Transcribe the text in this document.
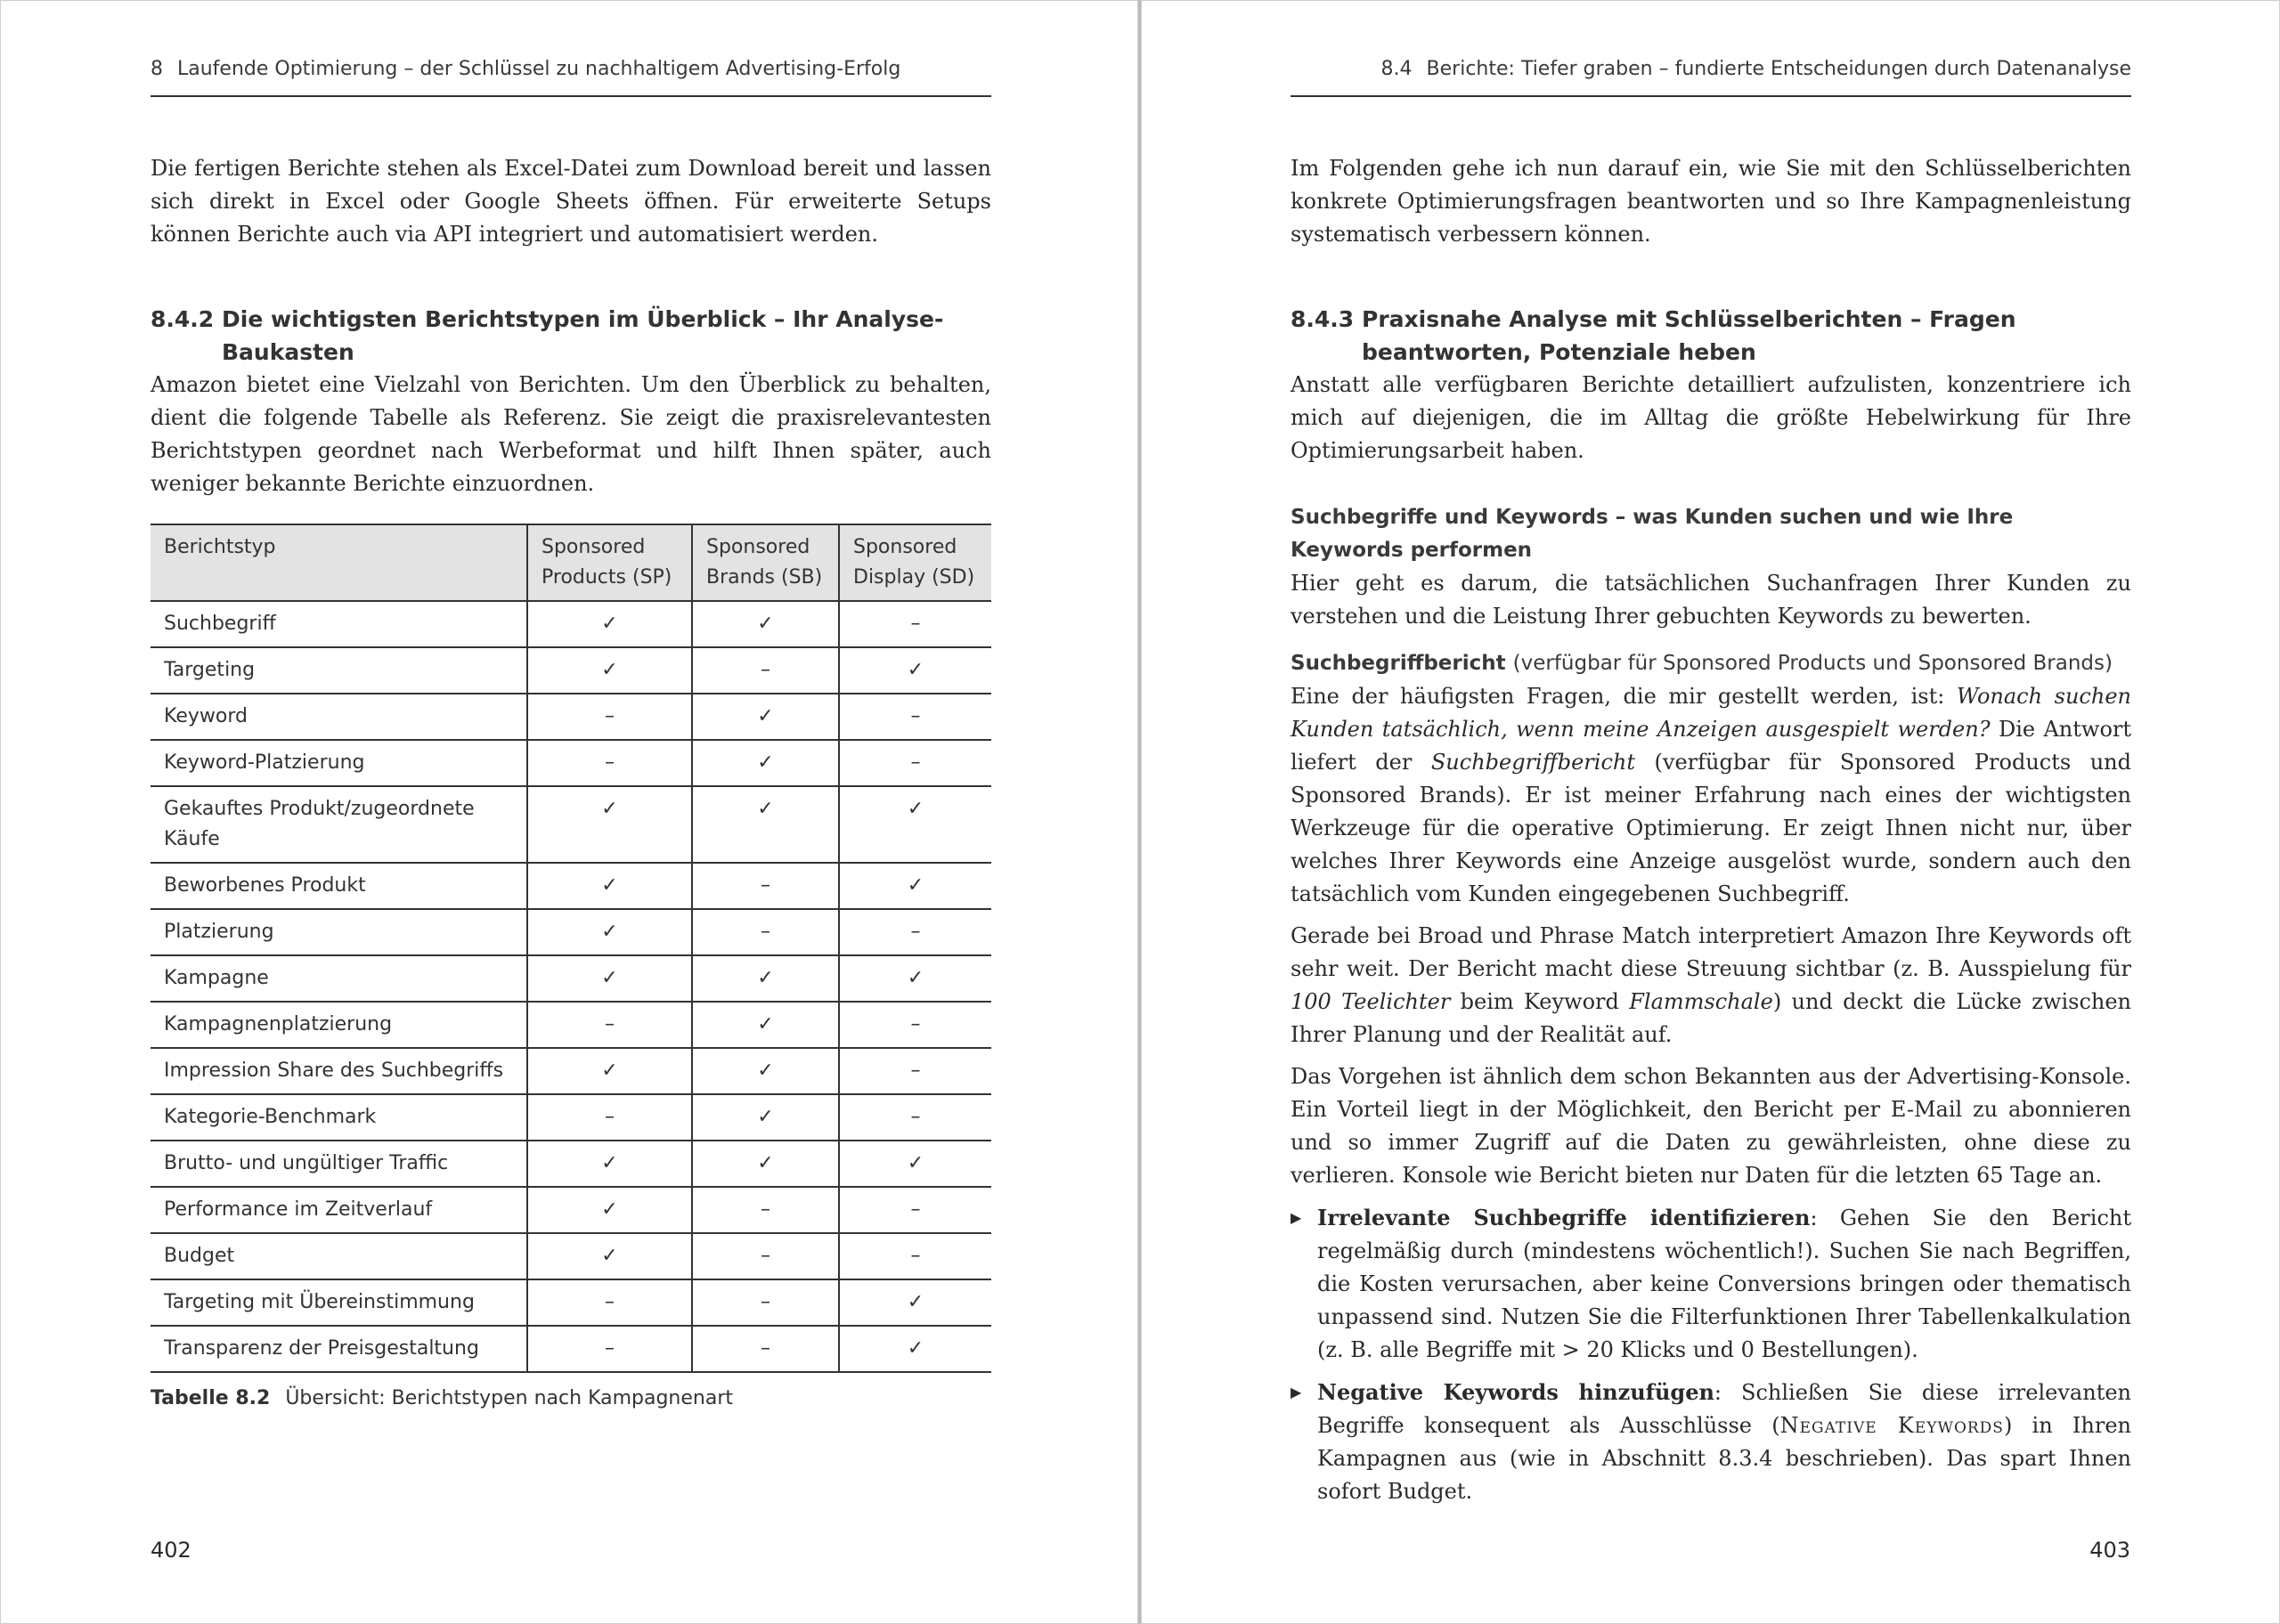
8 Laufende Optimierung – der Schlüssel zu nachhaltigem Advertising-Erfolg

Die fertigen Berichte stehen als Excel-Datei zum Download bereit und lassen sich direkt in Excel oder Google Sheets öffnen. Für erweiterte Setups können Berichte auch via API integriert und automatisiert werden.

8.4.2 Die wichtigsten Berichtstypen im Überblick – Ihr Analyse-Baukasten

Amazon bietet eine Vielzahl von Berichten. Um den Überblick zu behalten, dient die folgende Tabelle als Referenz. Sie zeigt die praxisrelevantesten Berichtstypen geordnet nach Werbeformat und hilft Ihnen später, auch weniger bekannte Berichte einzuordnen.

Berichtstyp	Sponsored Products (SP)	Sponsored Brands (SB)	Sponsored Display (SD)
Suchbegriff	✓	✓	–
Targeting	✓	–	✓
Keyword	–	✓	–
Keyword-Platzierung	–	✓	–
Gekauftes Produkt/zugeordnete Käufe	✓	✓	✓
Beworbenes Produkt	✓	–	✓
Platzierung	✓	–	–
Kampagne	✓	✓	✓
Kampagnenplatzierung	–	✓	–
Impression Share des Suchbegriffs	✓	✓	–
Kategorie-Benchmark	–	✓	–
Brutto- und ungültiger Traffic	✓	✓	✓
Performance im Zeitverlauf	✓	–	–
Budget	✓	–	–
Targeting mit Übereinstimmung	–	–	✓
Transparenz der Preisgestaltung	–	–	✓
Tabelle 8.2 Übersicht: Berichtstypen nach Kampagnenart
402
8.4 Berichte: Tiefer graben – fundierte Entscheidungen durch Datenanalyse

Im Folgenden gehe ich nun darauf ein, wie Sie mit den Schlüsselberichten konkrete Optimierungsfragen beantworten und so Ihre Kampagnenleistung systematisch verbessern können.

8.4.3 Praxisnahe Analyse mit Schlüsselberichten – Fragen beantworten, Potenziale heben

Anstatt alle verfügbaren Berichte detailliert aufzulisten, konzentriere ich mich auf diejenigen, die im Alltag die größte Hebelwirkung für Ihre Optimierungsarbeit haben.

Suchbegriffe und Keywords – was Kunden suchen und wie Ihre Keywords performen

Hier geht es darum, die tatsächlichen Suchanfragen Ihrer Kunden zu verstehen und die Leistung Ihrer gebuchten Keywords zu bewerten.

Suchbegriffbericht (verfügbar für Sponsored Products und Sponsored Brands)

Eine der häufigsten Fragen, die mir gestellt werden, ist: Wonach suchen Kunden tatsächlich, wenn meine Anzeigen ausgespielt werden? Die Antwort liefert der Suchbegriffbericht (verfügbar für Sponsored Products und Sponsored Brands). Er ist meiner Erfahrung nach eines der wichtigsten Werkzeuge für die operative Optimierung. Er zeigt Ihnen nicht nur, über welches Ihrer Keywords eine Anzeige ausgelöst wurde, sondern auch den tatsächlich vom Kunden eingegebenen Suchbegriff.

Gerade bei Broad und Phrase Match interpretiert Amazon Ihre Keywords oft sehr weit. Der Bericht macht diese Streuung sichtbar (z. B. Ausspielung für 100 Teelichter beim Keyword Flammschale) und deckt die Lücke zwischen Ihrer Planung und der Realität auf.

Das Vorgehen ist ähnlich dem schon Bekannten aus der Advertising-Konsole. Ein Vorteil liegt in der Möglichkeit, den Bericht per E-Mail zu abonnieren und so immer Zugriff auf die Daten zu gewährleisten, ohne diese zu verlieren. Konsole wie Bericht bieten nur Daten für die letzten 65 Tage an.

▶ Irrelevante Suchbegriffe identifizieren: Gehen Sie den Bericht regelmäßig durch (mindestens wöchentlich!). Suchen Sie nach Begriffen, die Kosten verursachen, aber keine Conversions bringen oder thematisch unpassend sind. Nutzen Sie die Filterfunktionen Ihrer Tabellenkalkulation (z. B. alle Begriffe mit > 20 Klicks und 0 Bestellungen).
▶ Negative Keywords hinzufügen: Schließen Sie diese irrelevanten Begriffe konsequent als Ausschlüsse (Negative Keywords) in Ihren Kampagnen aus (wie in Abschnitt 8.3.4 beschrieben). Das spart Ihnen sofort Budget.
403
